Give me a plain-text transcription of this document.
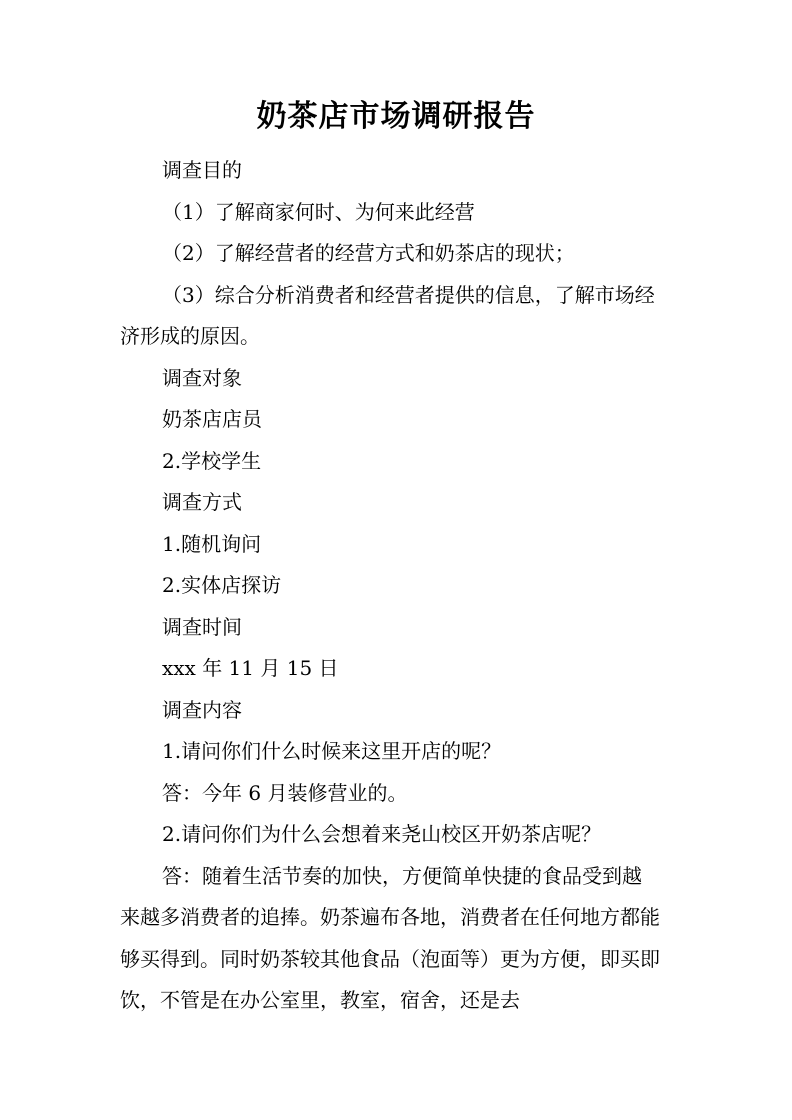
奶茶店市场调研报告

调查目的

（1）了解商家何时、为何来此经营

（2）了解经营者的经营方式和奶茶店的现状；

（3）综合分析消费者和经营者提供的信息，了解市场经济形成的原因。

调查对象

奶茶店店员

2.学校学生

调查方式

1.随机询问

2.实体店探访

调查时间

xxx 年 11 月 15 日

调查内容

1.请问你们什么时候来这里开店的呢？

答：今年 6 月装修营业的。

2.请问你们为什么会想着来尧山校区开奶茶店呢？

答：随着生活节奏的加快，方便简单快捷的食品受到越来越多消费者的追捧。奶茶遍布各地，消费者在任何地方都能够买得到。同时奶茶较其他食品（泡面等）更为方便，即买即饮，不管是在办公室里，教室，宿舍，还是去
